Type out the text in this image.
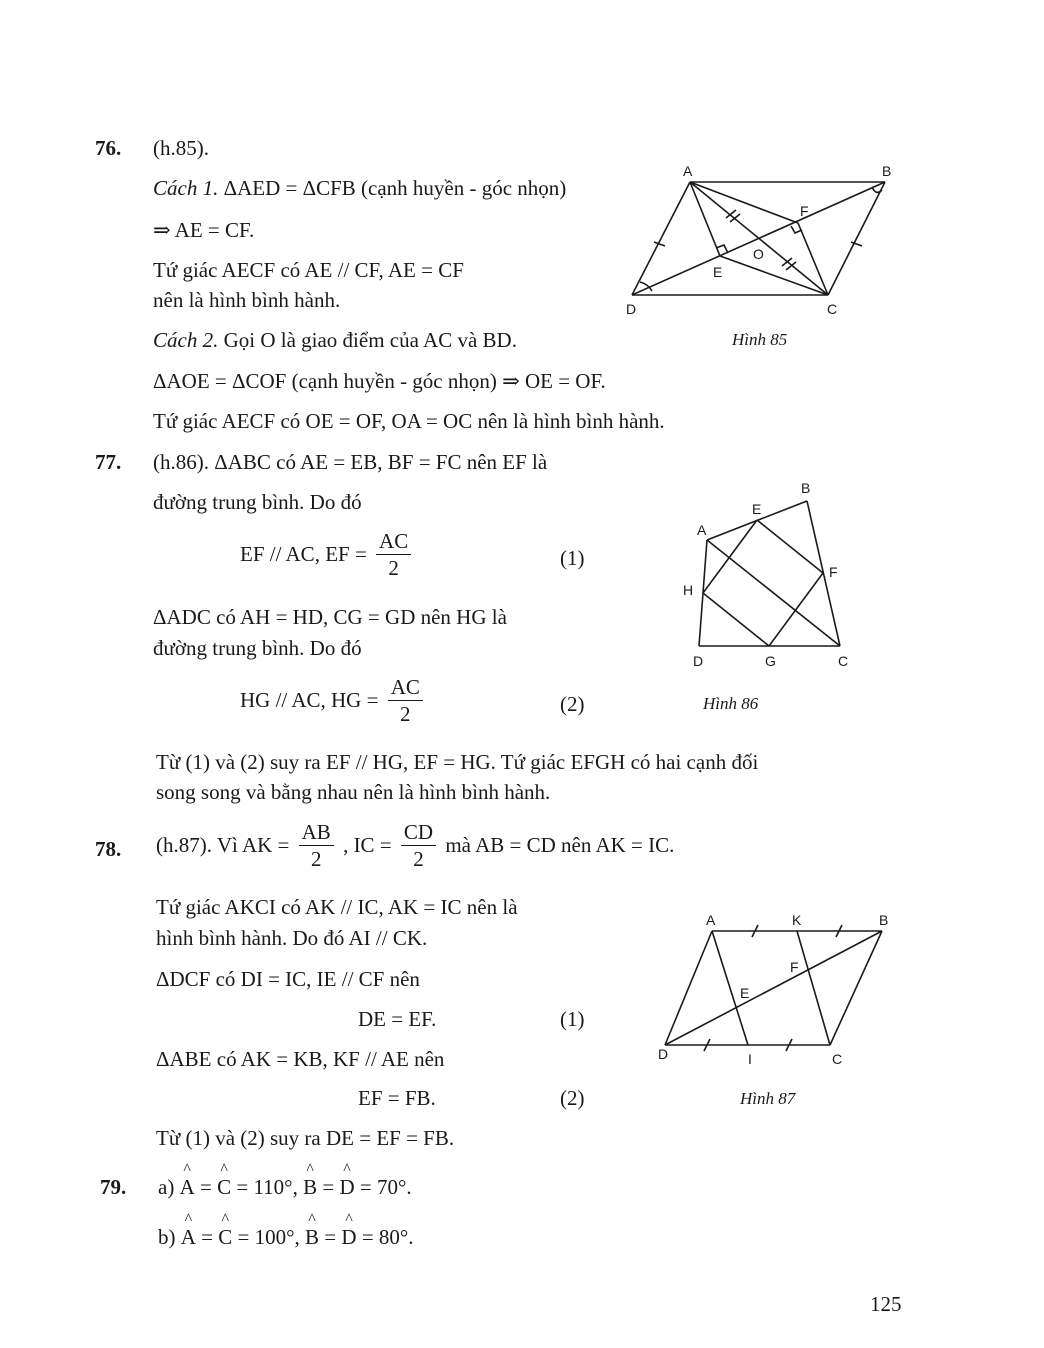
76. (h.85).
Cách 1. ΔAED = ΔCFB (cạnh huyền - góc nhọn)
⇒ AE = CF.
Tứ giác AECF có AE // CF, AE = CF
nên là hình bình hành.
Cách 2. Gọi O là giao điểm của AC và BD.
ΔAOE = ΔCOF (cạnh huyền - góc nhọn) ⇒ OE = OF.
Tứ giác AECF có OE = OF, OA = OC nên là hình bình hành.
A	B
C
D
E
F
O
Hình 85
77. (h.86). ΔABC có AE = EB, BF = FC nên EF là
đường trung bình. Do đó
EF // AC, EF = $\frac{AC}{2}$	(1)
ΔADC có AH = HD, CG = GD nên HG là
đường trung bình. Do đó
HG // AC, HG = $\frac{AC}{2}$	(2)
Từ (1) và (2) suy ra EF // HG, EF = HG. Tứ giác EFGH có hai cạnh đối
song song và bằng nhau nên là hình bình hành.
A
B
C
D
E
F
G
H
Hình 86
78. (h.87). Vì AK = $\frac{AB}{2}$ , IC = $\frac{CD}{2}$ mà AB = CD nên AK = IC.
Tứ giác AKCI có AK // IC, AK = IC nên là
hình bình hành. Do đó AI // CK.
ΔDCF có DI = IC, IE // CF nên
DE = EF.	(1)
ΔABE có AK = KB, KF // AE nên
EF = FB.	(2)
Từ (1) và (2) suy ra DE = EF = FB.
A	B
C
D
E
F
I
K
Hình 87
79. a) ^ A = ^ C = 110°, ^ B = ^ D = 70°.
b) ^ A = ^ C = 100°, ^ B = ^ D = 80°.
125
